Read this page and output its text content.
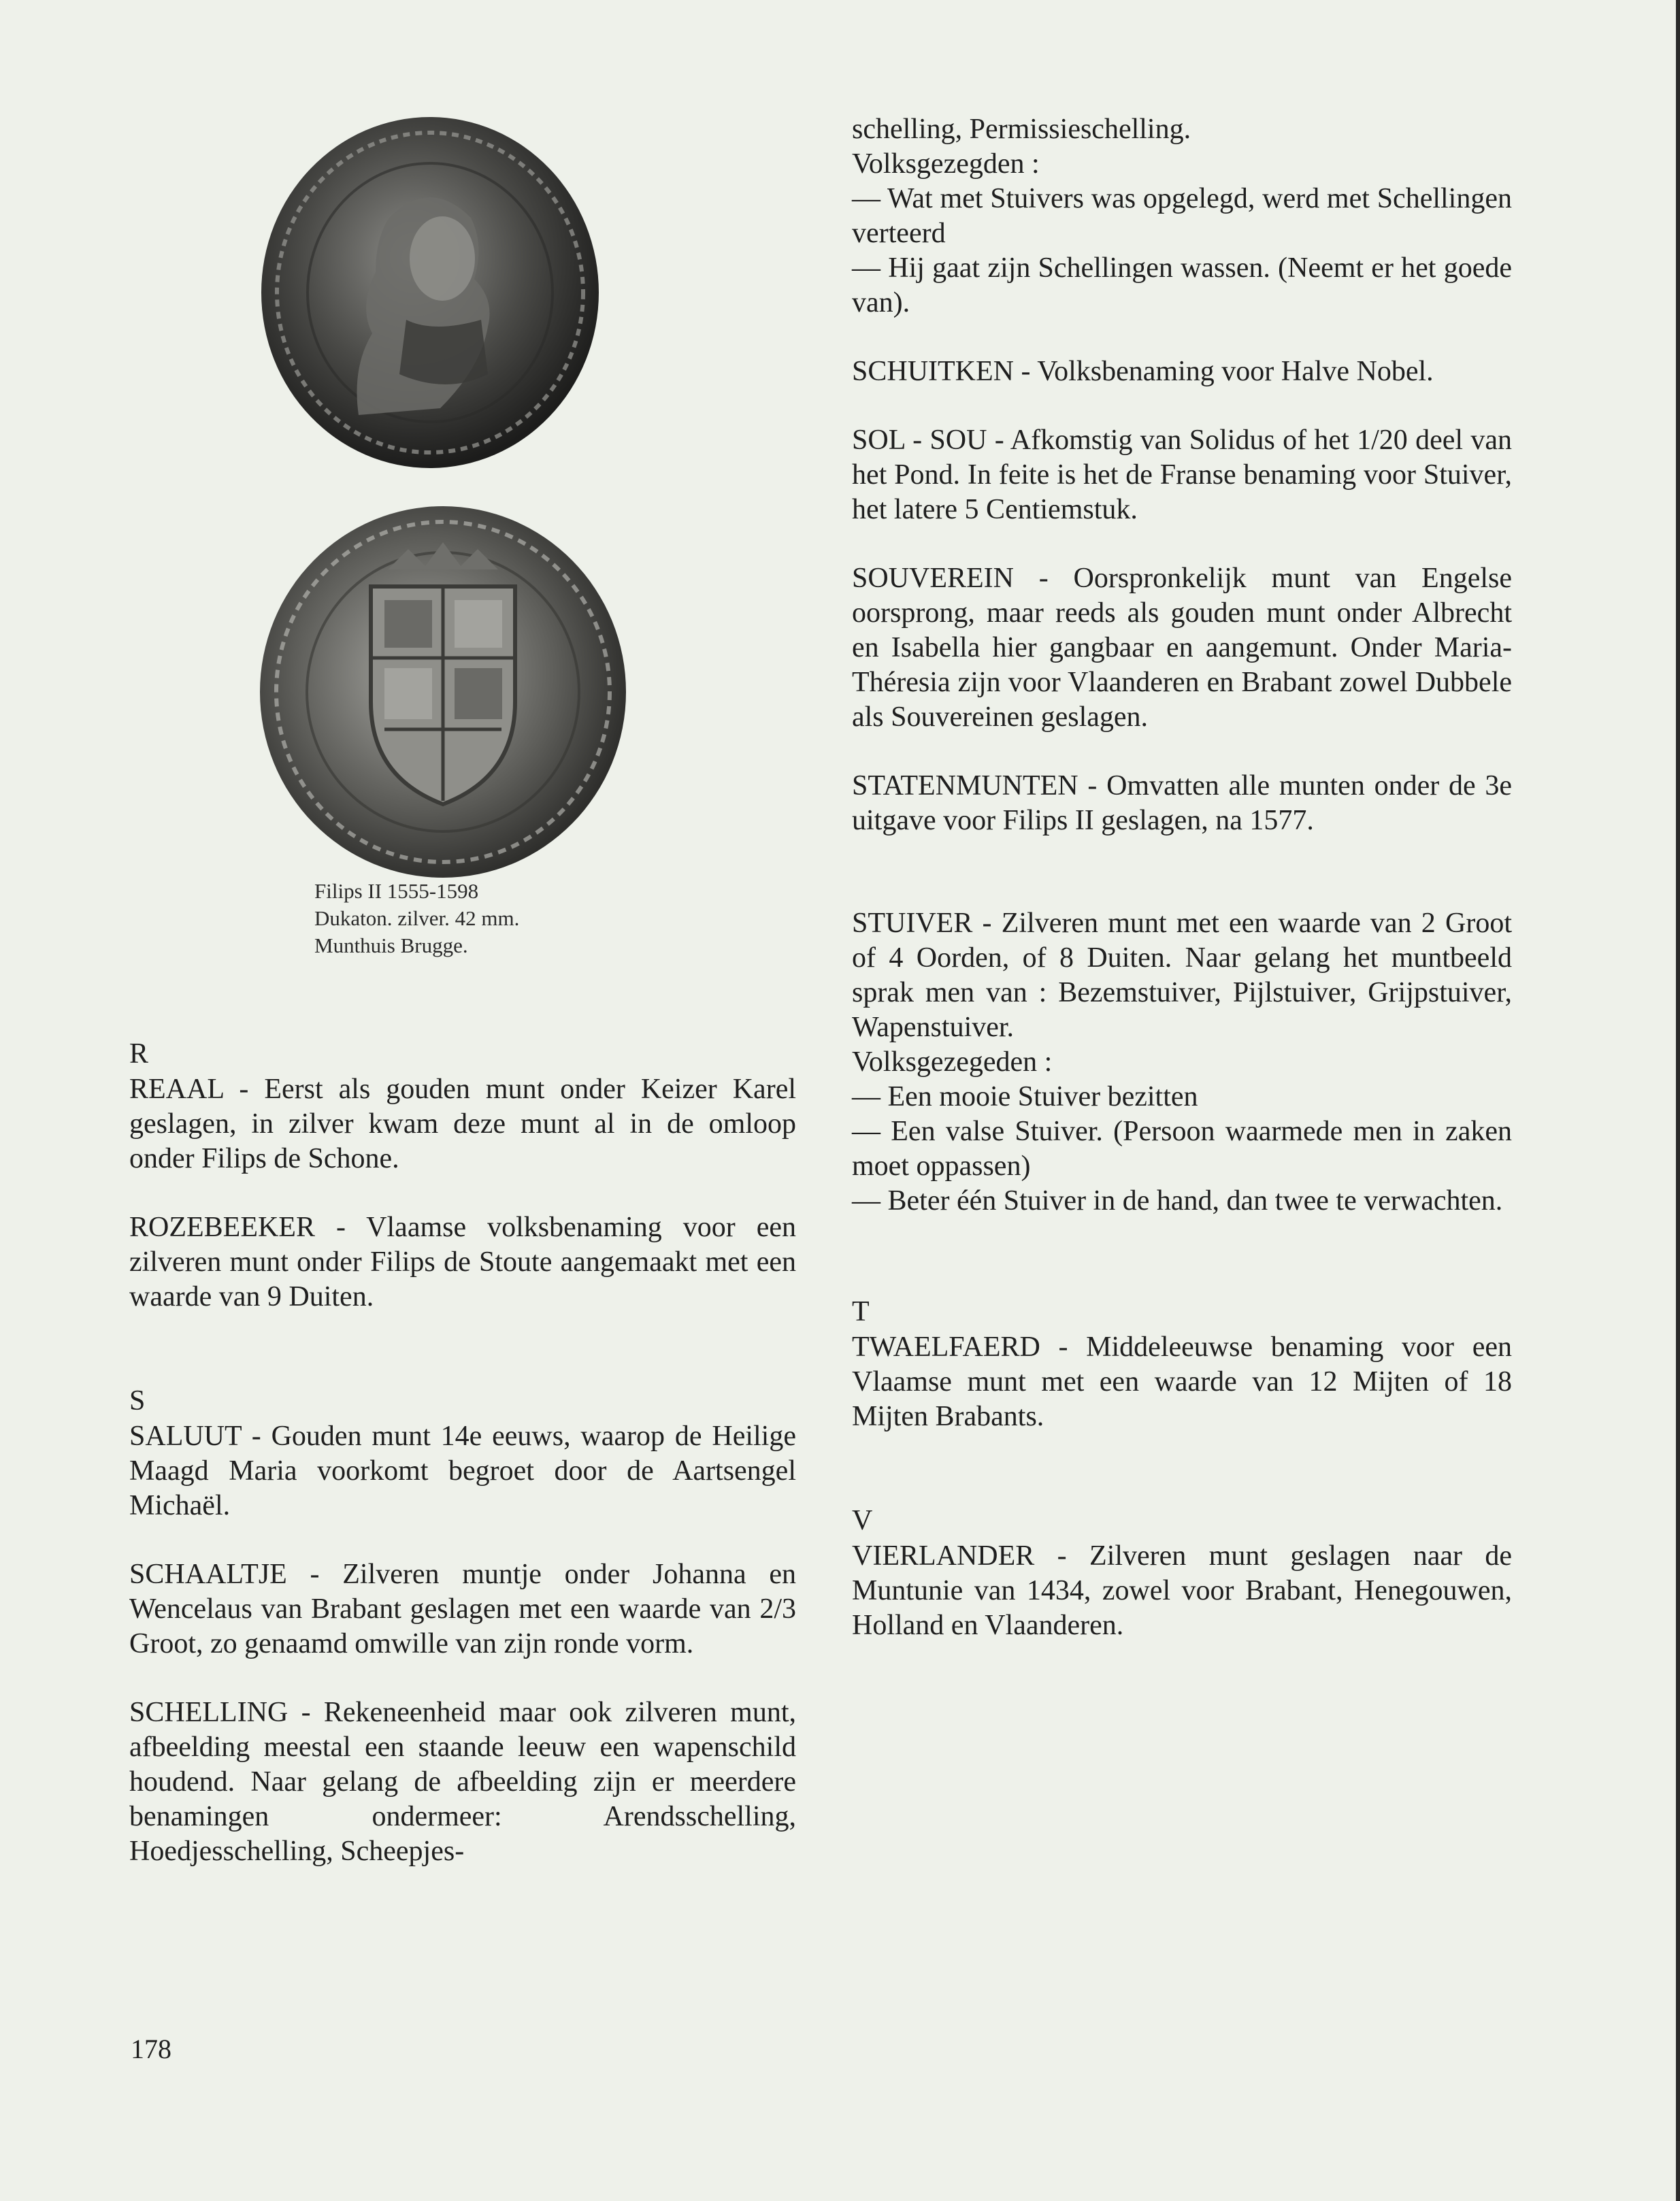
Filips II 1555-1598
Dukaton. zilver. 42 mm.
Munthuis Brugge.

R

REAAL - Eerst als gouden munt onder Keizer Karel geslagen, in zilver kwam deze munt al in de omloop onder Filips de Schone.

ROZEBEEKER - Vlaamse volksbenaming voor een zilveren munt onder Filips de Stoute aangemaakt met een waarde van 9 Duiten.

S

SALUUT - Gouden munt 14e eeuws, waarop de Heilige Maagd Maria voorkomt begroet door de Aartsengel Michaël.

SCHAALTJE - Zilveren muntje onder Johanna en Wencelaus van Brabant geslagen met een waarde van 2/3 Groot, zo genaamd omwille van zijn ronde vorm.

SCHELLING - Rekeneenheid maar ook zilveren munt, afbeelding meestal een staande leeuw een wapenschild houdend. Naar gelang de afbeelding zijn er meerdere benamingen ondermeer: Arendsschelling, Hoedjesschelling, Scheepjes-

schelling, Permissieschelling.

Volksgezegden :

— Wat met Stuivers was opgelegd, werd met Schellingen verteerd

— Hij gaat zijn Schellingen wassen. (Neemt er het goede van).

SCHUITKEN - Volksbenaming voor Halve Nobel.

SOL - SOU - Afkomstig van Solidus of het 1/20 deel van het Pond. In feite is het de Franse benaming voor Stuiver, het latere 5 Centiemstuk.

SOUVEREIN - Oorspronkelijk munt van Engelse oorsprong, maar reeds als gouden munt onder Albrecht en Isabella hier gangbaar en aangemunt. Onder Maria-Théresia zijn voor Vlaanderen en Brabant zowel Dubbele als Souvereinen geslagen.

STATENMUNTEN - Omvatten alle munten onder de 3e uitgave voor Filips II geslagen, na 1577.

STUIVER - Zilveren munt met een waarde van 2 Groot of 4 Oorden, of 8 Duiten. Naar gelang het muntbeeld sprak men van : Bezemstuiver, Pijlstuiver, Grijpstuiver, Wapenstuiver.

Volksgezegeden :

— Een mooie Stuiver bezitten

— Een valse Stuiver. (Persoon waarmede men in zaken moet oppassen)

— Beter één Stuiver in de hand, dan twee te verwachten.

T

TWAELFAERD - Middeleeuwse benaming voor een Vlaamse munt met een waarde van 12 Mijten of 18 Mijten Brabants.

V

VIERLANDER - Zilveren munt geslagen naar de Muntunie van 1434, zowel voor Brabant, Henegouwen, Holland en Vlaanderen.

178
